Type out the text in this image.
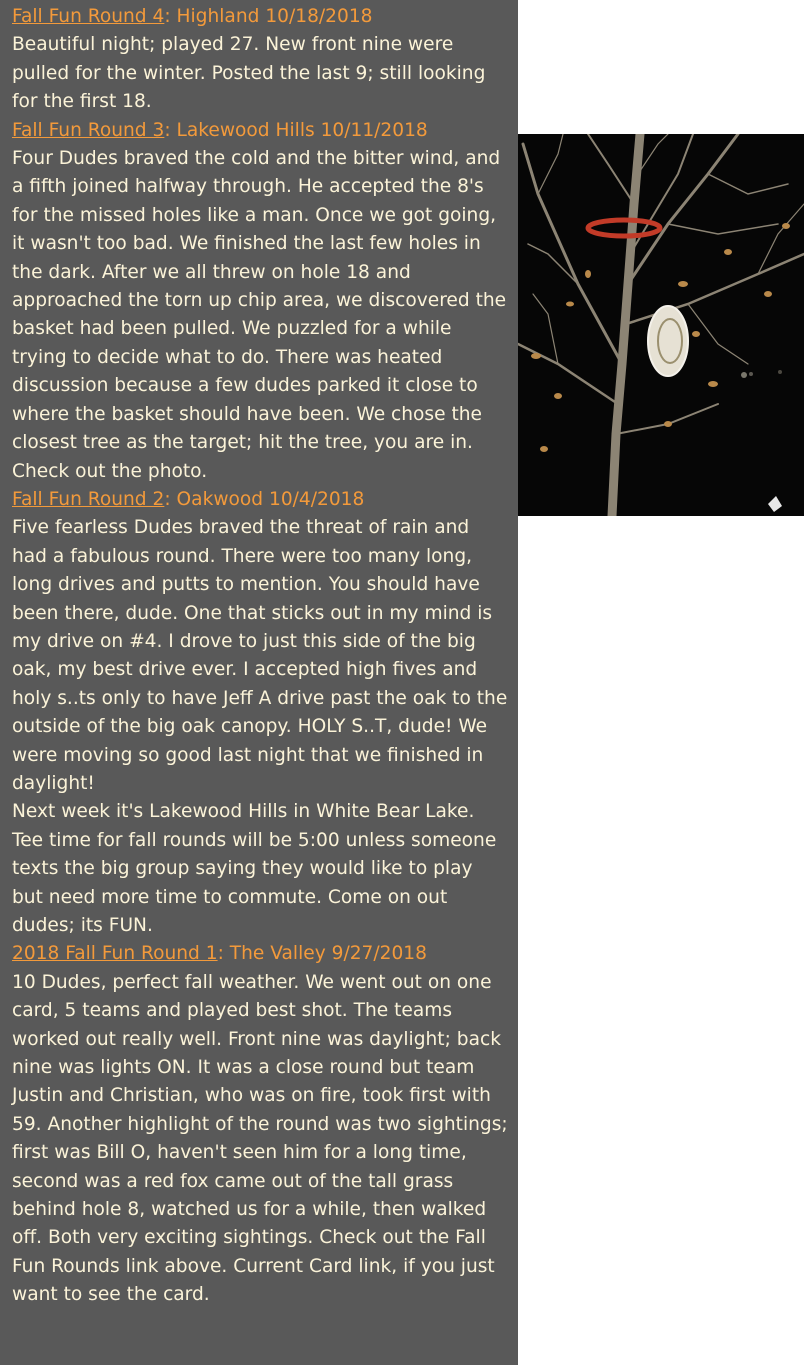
Fall Fun Round 4: Highland 10/18/2018

Beautiful night; played 27. New front nine were pulled for the winter. Posted the last 9; still looking for the first 18.

Fall Fun Round 3: Lakewood Hills 10/11/2018

Four Dudes braved the cold and the bitter wind, and a fifth joined halfway through. He accepted the 8's for the missed holes like a man. Once we got going, it wasn't too bad. We finished the last few holes in the dark. After we all threw on hole 18 and approached the torn up chip area, we discovered the basket had been pulled. We puzzled for a while trying to decide what to do. There was heated discussion because a few dudes parked it close to where the basket should have been. We chose the closest tree as the target; hit the tree, you are in. Check out the photo.

Fall Fun Round 2: Oakwood 10/4/2018

Five fearless Dudes braved the threat of rain and had a fabulous round. There were too many long, long drives and putts to mention. You should have been there, dude. One that sticks out in my mind is my drive on #4. I drove to just this side of the big oak, my best drive ever. I accepted high fives and holy s..ts only to have Jeff A drive past the oak to the outside of the big oak canopy. HOLY S..T, dude! We were moving so good last night that we finished in daylight!

Next week it's Lakewood Hills in White Bear Lake. Tee time for fall rounds will be 5:00 unless someone texts the big group saying they would like to play but need more time to commute. Come on out dudes; its FUN.

2018 Fall Fun Round 1: The Valley 9/27/2018

10 Dudes, perfect fall weather. We went out on one card, 5 teams and played best shot. The teams worked out really well. Front nine was daylight; back nine was lights ON. It was a close round but team Justin and Christian, who was on fire, took first with 59. Another highlight of the round was two sightings; first was Bill O, haven't seen him for a long time, second was a red fox came out of the tall grass behind hole 8, watched us for a while, then walked off. Both very exciting sightings. Check out the Fall Fun Rounds link above. Current Card link, if you just want to see the card.
